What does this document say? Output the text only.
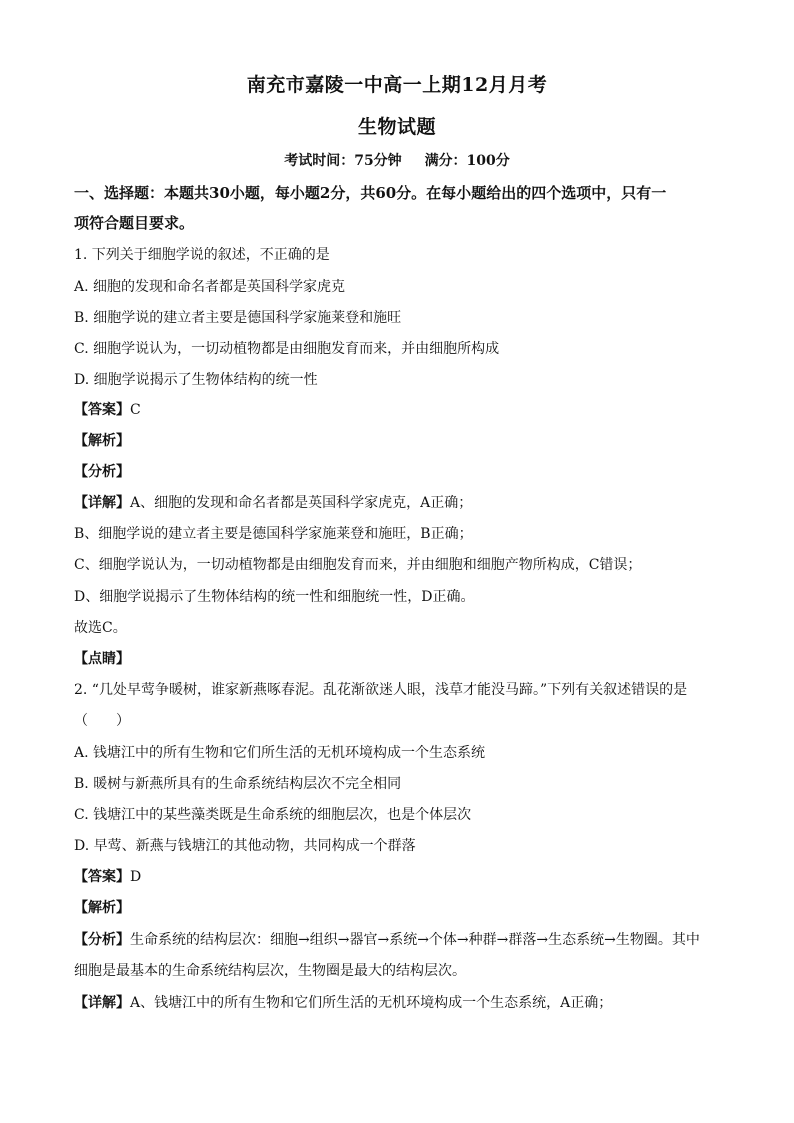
南充市嘉陵一中高一上期12月月考
生物试题
考试时间：75分钟 满分：100分
一、选择题：本题共30小题，每小题2分，共60分。在每小题给出的四个选项中，只有一
项符合题目要求。
1. 下列关于细胞学说的叙述，不正确的是
A. 细胞的发现和命名者都是英国科学家虎克
B. 细胞学说的建立者主要是德国科学家施莱登和施旺
C. 细胞学说认为，一切动植物都是由细胞发育而来，并由细胞所构成
D. 细胞学说揭示了生物体结构的统一性
【答案】C
【解析】
【分析】
【详解】A、细胞的发现和命名者都是英国科学家虎克，A正确；
B、细胞学说的建立者主要是德国科学家施莱登和施旺，B正确；
C、细胞学说认为，一切动植物都是由细胞发育而来，并由细胞和细胞产物所构成，C错误；
D、细胞学说揭示了生物体结构的统一性和细胞统一性，D正确。
故选C。
【点睛】
2. “几处早莺争暖树，谁家新燕啄春泥。乱花渐欲迷人眼，浅草才能没马蹄。”下列有关叙述错误的是
（　　）
A. 钱塘江中的所有生物和它们所生活的无机环境构成一个生态系统
B. 暖树与新燕所具有的生命系统结构层次不完全相同
C. 钱塘江中的某些藻类既是生命系统的细胞层次，也是个体层次
D. 早莺、新燕与钱塘江的其他动物，共同构成一个群落
【答案】D
【解析】
【分析】生命系统的结构层次：细胞→组织→器官→系统→个体→种群→群落→生态系统→生物圈。其中
细胞是最基本的生命系统结构层次，生物圈是最大的结构层次。
【详解】A、钱塘江中的所有生物和它们所生活的无机环境构成一个生态系统，A正确；
